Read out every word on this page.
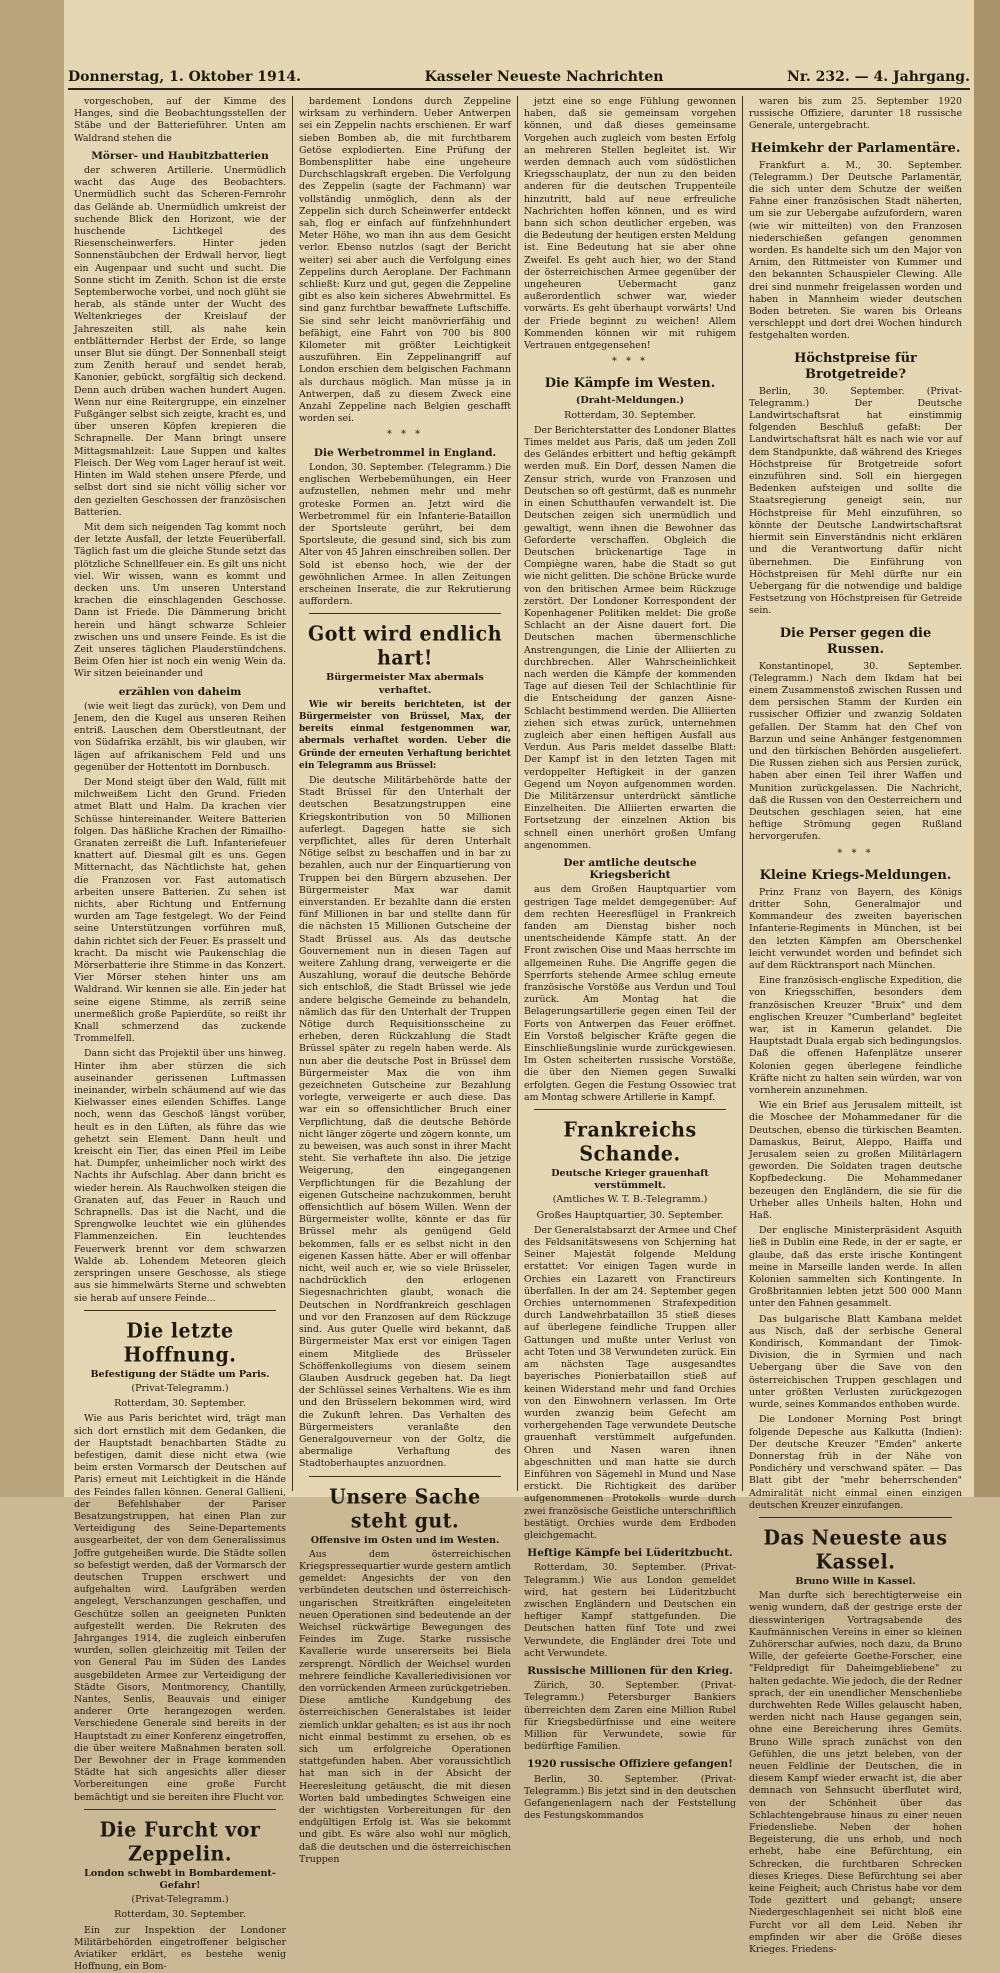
Donnerstag, 1. Oktober 1914.	Kasseler Neueste Nachrichten	Nr. 232. — 4. Jahrgang.

vorgeschoben, auf der Kimme des Hanges, sind die Beobachtungsstellen der Stäbe und der Batterieführer. Unten am Waldrand stehen die

Mörser- und Haubitzbatterien

der schweren Artillerie. Unermüdlich wacht das Auge des Beobachters. Unermüdlich sucht das Scheren-Fernrohr das Gelände ab. Unermüdlich umkreist der suchende Blick den Horizont, wie der huschende Lichtkegel des Riesenscheinwerfers. Hinter jeden Sonnenstäubchen der Erdwall hervor, liegt ein Augenpaar und sucht und sucht. Die Sonne sticht im Zenith. Schon ist die erste Septemberwoche vorbei, und noch glüht sie herab, als stände unter der Wucht des Weltenkrieges der Kreislauf der Jahreszeiten still, als nahe kein entblätternder Herbst der Erde, so lange unser Blut sie düngt. Der Sonnenball steigt zum Zenith herauf und sendet herab, Kanonier, gebückt, sorgfältig sich deckend. Denn auch drüben wachen hundert Augen. Wenn nur eine Reitergruppe, ein einzelner Fußgänger selbst sich zeigte, kracht es, und über unseren Köpfen krepieren die Schrapnelle. Der Mann bringt unsere Mittagsmahlzeit: Laue Suppen und kaltes Fleisch. Der Weg vom Lager herauf ist weit. Hinten im Wald stehen unsere Pferde, und selbst dort sind sie nicht völlig sicher vor den gezielten Geschossen der französischen Batterien.

Mit dem sich neigenden Tag kommt noch der letzte Ausfall, der letzte Feuerüberfall. Täglich fast um die gleiche Stunde setzt das plötzliche Schnellfeuer ein. Es gilt uns nicht viel. Wir wissen, wann es kommt und decken uns. Um unseren Unterstand krachen die einschlagenden Geschosse. Dann ist Friede. Die Dämmerung bricht herein und hängt schwarze Schleier zwischen uns und unsere Feinde. Es ist die Zeit unseres täglichen Plauderstündchens. Beim Ofen hier ist noch ein wenig Wein da. Wir sitzen beieinander und

erzählen von daheim

(wie weit liegt das zurück), von Dem und Jenem, den die Kugel aus unseren Reihen entriß. Lauschen dem Oberstleutnant, der von Südafrika erzählt, bis wir glauben, wir lägen auf afrikanischem Feld und uns gegenüber der Hottentott im Dornbusch.

Der Mond steigt über den Wald, füllt mit milchweißem Licht den Grund. Frieden atmet Blatt und Halm. Da krachen vier Schüsse hintereinander. Weitere Batterien folgen. Das häßliche Krachen der Rimailho-Granaten zerreißt die Luft. Infanteriefeuer knattert auf. Diesmal gilt es uns. Gegen Mitternacht, das Nächtlichste hat, gehen die Franzosen vor. Fast automatisch arbeiten unsere Batterien. Zu sehen ist nichts, aber Richtung und Entfernung wurden am Tage festgelegt. Wo der Feind seine Unterstützungen vorführen muß, dahin richtet sich der Feuer. Es prasselt und kracht. Da mischt wie Paukenschlag die Mörserbatterie ihre Stimme in das Konzert. Vier Mörser stehen hinter uns am Waldrand. Wir kennen sie alle. Ein jeder hat seine eigene Stimme, als zerriß seine unermeßlich große Papierdüte, so reißt ihr Knall schmerzend das zuckende Trommelfell.

Dann sicht das Projektil über uns hinweg. Hinter ihm aber stürzen die sich auseinander gerissenen Luftmassen ineinander, wirbeln schäumend auf wie das Kielwasser eines eilenden Schiffes. Lange noch, wenn das Geschoß längst vorüber, heult es in den Lüften, als führe das wie gehetzt sein Element. Dann heult und kreischt ein Tier, das einen Pfeil im Leibe hat. Dumpfer, unheimlicher noch wirkt des Nachts ihr Aufschlag. Aber dann bricht es wieder herein. Als Rauchwolken steigen die Granaten auf, das Feuer in Rauch und Schrapnells. Das ist die Nacht, und die Sprengwolke leuchtet wie ein glühendes Flammenzeichen. Ein leuchtendes Feuerwerk brennt vor dem schwarzen Walde ab. Lohendem Meteoren gleich zerspringen unsere Geschosse, als stiege aus sie himmelwärts Sterne und schwebten sie herab auf unsere Feinde...

Die letzte Hoffnung.
Befestigung der Städte um Paris.
(Privat-Telegramm.)
Rotterdam, 30. September.

Wie aus Paris berichtet wird, trägt man sich dort ernstlich mit dem Gedanken, die der Hauptstadt benachbarten Städte zu befestigen, damit diese nicht etwa (wie beim ersten Vormarsch der Deutschen auf Paris) erneut mit Leichtigkeit in die Hände des Feindes fallen können. General Gallieni, der Befehlshaber der Pariser Besatzungstruppen, hat einen Plan zur Verteidigung des Seine-Departements ausgearbeitet, der von dem Generalissimus Joffre gutgeheißen wurde. Die Städte sollen so befestigt werden, daß der Vormarsch der deutschen Truppen erschwert und aufgehalten wird. Laufgräben werden angelegt, Verschanzungen geschaffen, und Geschütze sollen an geeigneten Punkten aufgestellt werden. Die Rekruten des Jahrganges 1914, die zugleich einberufen wurden, sollen gleichzeitig mit Teilen der von General Pau im Süden des Landes ausgebildeten Armee zur Verteidigung der Städte Gisors, Montmorency, Chantilly, Nantes, Senlis, Beauvais und einiger anderer Orte herangezogen werden. Verschiedene Generale sind bereits in der Hauptstadt zu einer Konferenz eingetroffen, die über weitere Maßnahmen beraten soll. Der Bewohner der in Frage kommenden Städte hat sich angesichts aller dieser Vorbereitungen eine große Furcht bemächtigt und sie bereiten ihre Flucht vor.

Die Furcht vor Zeppelin.
London schwebt in Bombardement-Gefahr!
(Privat-Telegramm.)
Rotterdam, 30. September.

Ein zur Inspektion der Londoner Militärbehörden eingetroffener belgischer Aviatiker erklärt, es bestehe wenig Hoffnung, ein Bom-

bardement Londons durch Zeppeline wirksam zu verhindern. Ueber Antwerpen sei ein Zeppelin nachts erschienen. Er warf sieben Bomben ab, die mit furchtbarem Getöse explodierten. Eine Prüfung der Bombensplitter habe eine ungeheure Durchschlagskraft ergeben. Die Verfolgung des Zeppelin (sagte der Fachmann) war vollständig unmöglich, denn als der Zeppelin sich durch Scheinwerfer entdeckt sah, flog er einfach auf fünfzehnhundert Meter Höhe, wo man ihn aus dem Gesicht verlor. Ebenso nutzlos (sagt der Bericht weiter) sei aber auch die Verfolgung eines Zeppelins durch Aeroplane. Der Fachmann schließt: Kurz und gut, gegen die Zeppeline gibt es also kein sicheres Abwehrmittel. Es sind ganz furchtbar bewaffnete Luftschiffe. Sie sind sehr leicht manövrierfähig und befähigt, eine Fahrt von 700 bis 800 Kilometer mit größter Leichtigkeit auszuführen. Ein Zeppelinangriff auf London erschien dem belgischen Fachmann als durchaus möglich. Man müsse ja in Antwerpen, daß zu diesem Zweck eine Anzahl Zeppeline nach Belgien geschafft worden sei.

* * *
Die Werbetrommel in England.

London, 30. September. (Telegramm.) Die englischen Werbebemühungen, ein Heer aufzustellen, nehmen mehr und mehr groteske Formen an. Jetzt wird die Werbetrommel für ein Infanterie-Bataillon der Sportsleute gerührt, bei dem Sportsleute, die gesund sind, sich bis zum Alter von 45 Jahren einschreiben sollen. Der Sold ist ebenso hoch, wie der der gewöhnlichen Armee. In allen Zeitungen erscheinen Inserate, die zur Rekrutierung auffordern.

Gott wird endlich hart!
Bürgermeister Max abermals verhaftet.

Wie wir bereits berichteten, ist der Bürgermeister von Brüssel, Max, der bereits einmal festgenommen war, abermals verhaftet worden. Ueber die Gründe der erneuten Verhaftung berichtet ein Telegramm aus Brüssel:

Die deutsche Militärbehörde hatte der Stadt Brüssel für den Unterhalt der deutschen Besatzungstruppen eine Kriegskontribution von 50 Millionen auferlegt. Dagegen hatte sie sich verpflichtet, alles für deren Unterhalt Nötige selbst zu beschaffen und in bar zu bezahlen, auch nur der Einquartierung von Truppen bei den Bürgern abzusehen. Der Bürgermeister Max war damit einverstanden. Er bezahlte dann die ersten fünf Millionen in bar und stellte dann für die nächsten 15 Millionen Gutscheine der Stadt Brüssel aus. Als das deutsche Gouvernement nun in diesen Tagen auf weitere Zahlung drang, verweigerte er die Auszahlung, worauf die deutsche Behörde sich entschloß, die Stadt Brüssel wie jede andere belgische Gemeinde zu behandeln, nämlich das für den Unterhalt der Truppen Nötige durch Requisitionsscheine zu erheben, deren Rückzahlung die Stadt Brüssel später zu regeln haben werde. Als nun aber die deutsche Post in Brüssel dem Bürgermeister Max die von ihm gezeichneten Gutscheine zur Bezahlung vorlegte, verweigerte er auch diese. Das war ein so offensichtlicher Bruch einer Verpflichtung, daß die deutsche Behörde nicht länger zögerte und zögern konnte, um zu beweisen, was auch sonst in ihrer Macht steht. Sie verhaftete ihn also. Die jetzige Weigerung, den eingegangenen Verpflichtungen für die Bezahlung der eigenen Gutscheine nachzukommen, beruht offensichtlich auf bösem Willen. Wenn der Bürgermeister wollte, könnte er das für Brüssel mehr als genügend Geld bekommen, falls er es selbst nicht in den eigenen Kassen hätte. Aber er will offenbar nicht, weil auch er, wie so viele Brüsseler, nachdrücklich den erlogenen Siegesnachrichten glaubt, wonach die Deutschen in Nordfrankreich geschlagen und vor den Franzosen auf dem Rückzuge sind. Aus guter Quelle wird bekannt, daß Bürgermeister Max erst vor einigen Tagen einem Mitgliede des Brüsseler Schöffenkollegiums von diesem seinem Glauben Ausdruck gegeben hat. Da liegt der Schlüssel seines Verhaltens. Wie es ihm und den Brüsselern bekommen wird, wird die Zukunft lehren. Das Verhalten des Bürgermeisters veranlaßte den Generalgouverneur von der Goltz, die abermalige Verhaftung des Stadtoberhauptes anzuordnen.

Unsere Sache steht gut.
Offensive im Osten und im Westen.

Aus dem österreichischen Kriegspressequartier wurde gestern amtlich gemeldet: Angesichts der von den verbündeten deutschen und österreichisch-ungarischen Streitkräften eingeleiteten neuen Operationen sind bedeutende an der Weichsel rückwärtige Bewegungen des Feindes im Zuge. Starke russische Kavallerie wurde unsererseits bei Biela zersprengt. Nördlich der Weichsel wurden mehrere feindliche Kavalleriedivisionen vor den vorrückenden Armeen zurückgetrieben. Diese amtliche Kundgebung des österreichischen Generalstabes ist leider ziemlich unklar gehalten; es ist aus ihr noch nicht einmal bestimmt zu ersehen, ob es sich um erfolgreiche Operationen stattgefunden haben. Aber voraussichtlich hat man sich in der Absicht der Heeresleitung getäuscht, die mit diesen Worten bald umbedingtes Schweigen eine der wichtigsten Vorbereitungen für den endgültigen Erfolg ist. Was sie bekommt und gibt. Es wäre also wohl nur möglich, daß die deutschen und die österreichischen Truppen

jetzt eine so enge Fühlung gewonnen haben, daß sie gemeinsam vorgehen können, und daß dieses gemeinsame Vorgehen auch zugleich vom besten Erfolg an mehreren Stellen begleitet ist. Wir werden demnach auch vom südöstlichen Kriegsschauplatz, der nun zu den beiden anderen für die deutschen Truppenteile hinzutritt, bald auf neue erfreuliche Nachrichten hoffen können, und es wird bann sich schon deutlicher ergeben, was die Bedeutung der heutigen ersten Meldung ist. Eine Bedeutung hat sie aber ohne Zweifel. Es geht auch hier, wo der Stand der österreichischen Armee gegenüber der ungeheuren Uebermacht ganz außerordentlich schwer war, wieder vorwärts. Es geht überhaupt vorwärts! Und der Friede beginnt zu weichen! Allem Kommenden können wir mit ruhigem Vertrauen entgegensehen!

* * *
Die Kämpfe im Westen.
(Draht-Meldungen.)
Rotterdam, 30. September.

Der Berichterstatter des Londoner Blattes Times meldet aus Paris, daß um jeden Zoll des Geländes erbittert und heftig gekämpft werden muß. Ein Dorf, dessen Namen die Zensur strich, wurde von Franzosen und Deutschen so oft gestürmt, daß es nunmehr in einen Schutthaufen verwandelt ist. Die Deutschen zeigen sich unermüdlich und gewaltigt, wenn ihnen die Bewohner das Geforderte verschaffen. Obgleich die Deutschen brückenartige Tage in Compiègne waren, habe die Stadt so gut wie nicht gelitten. Die schöne Brücke wurde von den britischen Armee beim Rückzuge zerstört. Der Londoner Korrespondent der Kopenhagener Politiken meldet: Die große Schlacht an der Aisne dauert fort. Die Deutschen machen übermenschliche Anstrengungen, die Linie der Alliierten zu durchbrechen. Aller Wahrscheinlichkeit nach werden die Kämpfe der kommenden Tage auf diesen Teil der Schlachtlinie für die Entscheidung der ganzen Aisne-Schlacht bestimmend werden. Die Alliierten ziehen sich etwas zurück, unternehmen zugleich aber einen heftigen Ausfall aus Verdun. Aus Paris meldet dasselbe Blatt: Der Kampf ist in den letzten Tagen mit verdoppelter Heftigkeit in der ganzen Gegend um Noyon aufgenommen worden. Die Militärzensur unterdrückt sämtliche Einzelheiten. Die Alliierten erwarten die Fortsetzung der einzelnen Aktion bis schnell einen unerhört großen Umfang angenommen.

Der amtliche deutsche Kriegsbericht

aus dem Großen Hauptquartier vom gestrigen Tage meldet demgegenüber: Auf dem rechten Heeresflügel in Frankreich fanden am Dienstag bisher noch unentscheidende Kämpfe statt. An der Front zwischen Oise und Maas herrschte im allgemeinen Ruhe. Die Angriffe gegen die Sperrforts stehende Armee schlug erneute französische Vorstöße aus Verdun und Toul zurück. Am Montag hat die Belagerungsartillerie gegen einen Teil der Forts von Antwerpen das Feuer eröffnet. Ein Vorstoß belgischer Kräfte gegen die Einschließungslinie wurde zurückgewiesen. Im Osten scheiterten russische Vorstöße, die über den Niemen gegen Suwalki erfolgten. Gegen die Festung Ossowiec trat am Montag schwere Artillerie in Kampf.

Frankreichs Schande.
Deutsche Krieger grauenhaft verstümmelt.
(Amtliches W. T. B.-Telegramm.)
Großes Hauptquartier, 30. September.

Der Generalstabsarzt der Armee und Chef des Feldsanitätswesens von Schjerning hat Seiner Majestät folgende Meldung erstattet: Vor einigen Tagen wurde in Orchies ein Lazarett von Franctireurs überfallen. In der am 24. September gegen Orchies unternommenen Strafexpedition durch Landwehrbataillon 35 stieß dieses auf überlegene feindliche Truppen aller Gattungen und mußte unter Verlust von acht Toten und 38 Verwundeten zurück. Ein am nächsten Tage ausgesandtes bayerisches Pionierbataillon stieß auf keinen Widerstand mehr und fand Orchies von den Einwohnern verlassen. Im Orte wurden zwanzig beim Gefecht am vorhergehenden Tage verwundete Deutsche grauenhaft verstümmelt aufgefunden. Ohren und Nasen waren ihnen abgeschnitten und man hatte sie durch Einführen von Sägemehl in Mund und Nase erstickt. Die Richtigkeit des darüber aufgenommenen Protokolls wurde durch zwei französische Geistliche unterschriftlich bestätigt. Orchies wurde dem Erdboden gleichgemacht.

Heftige Kämpfe bei Lüderitzbucht.

Rotterdam, 30. September. (Privat-Telegramm.) Wie aus London gemeldet wird, hat gestern bei Lüderitzbucht zwischen Engländern und Deutschen ein heftiger Kampf stattgefunden. Die Deutschen hatten fünf Tote und zwei Verwundete, die Engländer drei Tote und acht Verwundete.

Russische Millionen für den Krieg.

Zürich, 30. September. (Privat-Telegramm.) Petersburger Bankiers überreichten dem Zaren eine Million Rubel für Kriegsbedürfnisse und eine weitere Million für Verwundete, sowie für bedürftige Familien.

1920 russische Offiziere gefangen!

Berlin, 30. September. (Privat-Telegramm.) Bis jetzt sind in den deutschen Gefangenenlagern nach der Feststellung des Festungskommandos

waren bis zum 25. September 1920 russische Offiziere, darunter 18 russische Generale, untergebracht.

Heimkehr der Parlamentäre.

Frankfurt a. M., 30. September. (Telegramm.) Der Deutsche Parlamentär, die sich unter dem Schutze der weißen Fahne einer französischen Stadt näherten, um sie zur Uebergabe aufzufordern, waren (wie wir mitteilten) von den Franzosen niederschießen gefangen genommen worden. Es handelte sich um den Major von Arnim, den Rittmeister von Kummer und den bekannten Schauspieler Clewing. Alle drei sind nunmehr freigelassen worden und haben in Mannheim wieder deutschen Boden betreten. Sie waren bis Orleans verschleppt und dort drei Wochen hindurch festgehalten worden.

Höchstpreise für Brotgetreide?

Berlin, 30. September. (Privat-Telegramm.) Der Deutsche Landwirtschaftsrat hat einstimmig folgenden Beschluß gefaßt: Der Landwirtschaftsrat hält es nach wie vor auf dem Standpunkte, daß während des Krieges Höchstpreise für Brotgetreide sofort einzuführen sind. Soll ein hiergegen Bedenken aufsteigen und sollte die Staatsregierung geneigt sein, nur Höchstpreise für Mehl einzuführen, so könnte der Deutsche Landwirtschaftsrat hiermit sein Einverständnis nicht erklären und die Verantwortung dafür nicht übernehmen. Die Einführung von Höchstpreisen für Mehl dürfte nur ein Uebergang für die notwendige und baldige Festsetzung von Höchstpreisen für Getreide sein.

Die Perser gegen die Russen.

Konstantinopel, 30. September. (Telegramm.) Nach dem Ikdam hat bei einem Zusammenstoß zwischen Russen und dem persischen Stamm der Kurden ein russischer Offizier und zwanzig Soldaten gefallen. Der Stamm hat den Chef von Barzun und seine Anhänger festgenommen und den türkischen Behörden ausgeliefert. Die Russen ziehen sich aus Persien zurück, haben aber einen Teil ihrer Waffen und Munition zurückgelassen. Die Nachricht, daß die Russen von den Oesterreichern und Deutschen geschlagen seien, hat eine heftige Strömung gegen Rußland hervorgerufen.

* * *
Kleine Kriegs-Meldungen.

Prinz Franz von Bayern, des Königs dritter Sohn, Generalmajor und Kommandeur des zweiten bayerischen Infanterie-Regiments in München, ist bei den letzten Kämpfen am Oberschenkel leicht verwundet worden und befindet sich auf dem Rücktransport nach München.

Eine französisch-englische Expedition, die von Kriegsschiffen, besonders dem französischen Kreuzer "Bruix" und dem englischen Kreuzer "Cumberland" begleitet war, ist in Kamerun gelandet. Die Hauptstadt Duala ergab sich bedingungslos. Daß die offenen Hafenplätze unserer Kolonien gegen überlegene feindliche Kräfte nicht zu halten sein würden, war von vornherein anzunehmen.

Wie ein Brief aus Jerusalem mitteilt, ist die Moschee der Mohammedaner für die Deutschen, ebenso die türkischen Beamten. Damaskus, Beirut, Aleppo, Haiffa und Jerusalem seien zu großen Militärlagern geworden. Die Soldaten tragen deutsche Kopfbedeckung. Die Mohammedaner bezeugen den Engländern, die sie für die Urheber alles Unheils halten, Hohn und Haß.

Der englische Ministerpräsident Asquith ließ in Dublin eine Rede, in der er sagte, er glaube, daß das erste irische Kontingent meine in Marseille landen werde. In allen Kolonien sammelten sich Kontingente. In Großbritannien lebten jetzt 500 000 Mann unter den Fahnen gesammelt.

Das bulgarische Blatt Kambana meldet aus Nisch, daß der serbische General Kondirisch, Kommandant der Timok-Division, die in Syrmien und nach Uebergang über die Save von den österreichischen Truppen geschlagen und unter größten Verlusten zurückgezogen wurde, seines Kommandos enthoben wurde.

Die Londoner Morning Post bringt folgende Depesche aus Kalkutta (Indien): Der deutsche Kreuzer "Emden" ankerte Donnerstag früh in der Nähe von Pondichéry und verschwand später. — Das Blatt gibt der "mehr beherrschenden" Admiralität nicht einmal einen einzigen deutschen Kreuzer einzufangen.

Das Neueste aus Kassel.
Bruno Wille in Kassel.

Man durfte sich berechtigterweise ein wenig wundern, daß der gestrige erste der diesswinterigen Vortragsabende des Kaufmännischen Vereins in einer so kleinen Zuhörerschar aufwies, noch dazu, da Bruno Wille, der gefeierte Goethe-Forscher, eine "Feldpredigt für Daheimgebliebene" zu halten gedachte. Wie jedoch, die der Redner sprach, der ein unendlicher Menschenliebe durchwehten Rede Willes gelauscht haben, werden nicht nach Hause gegangen sein, ohne eine Bereicherung ihres Gemüts. Bruno Wille sprach zunächst von den Gefühlen, die uns jetzt beleben, von der neuen Feldlinie der Deutschen, die in diesem Kampf wieder erwacht ist, die aber demnach von Sehnsucht überflutet wird, von der Schönheit über das Schlachtengebrause hinaus zu einer neuen Friedensliebe. Neben der hohen Begeisterung, die uns erhob, und noch erhebt, habe eine Befürchtung, ein Schrecken, die furchtbaren Schrecken dieses Krieges. Diese Befürchtung sei aber keine Feigheit; auch Christus habe vor dem Tode gezittert und gebangt; unsere Niedergeschlagenheit sei nicht bloß eine Furcht vor all dem Leid. Neben ihr empfinden wir aber die Größe dieses Krieges. Friedens-
